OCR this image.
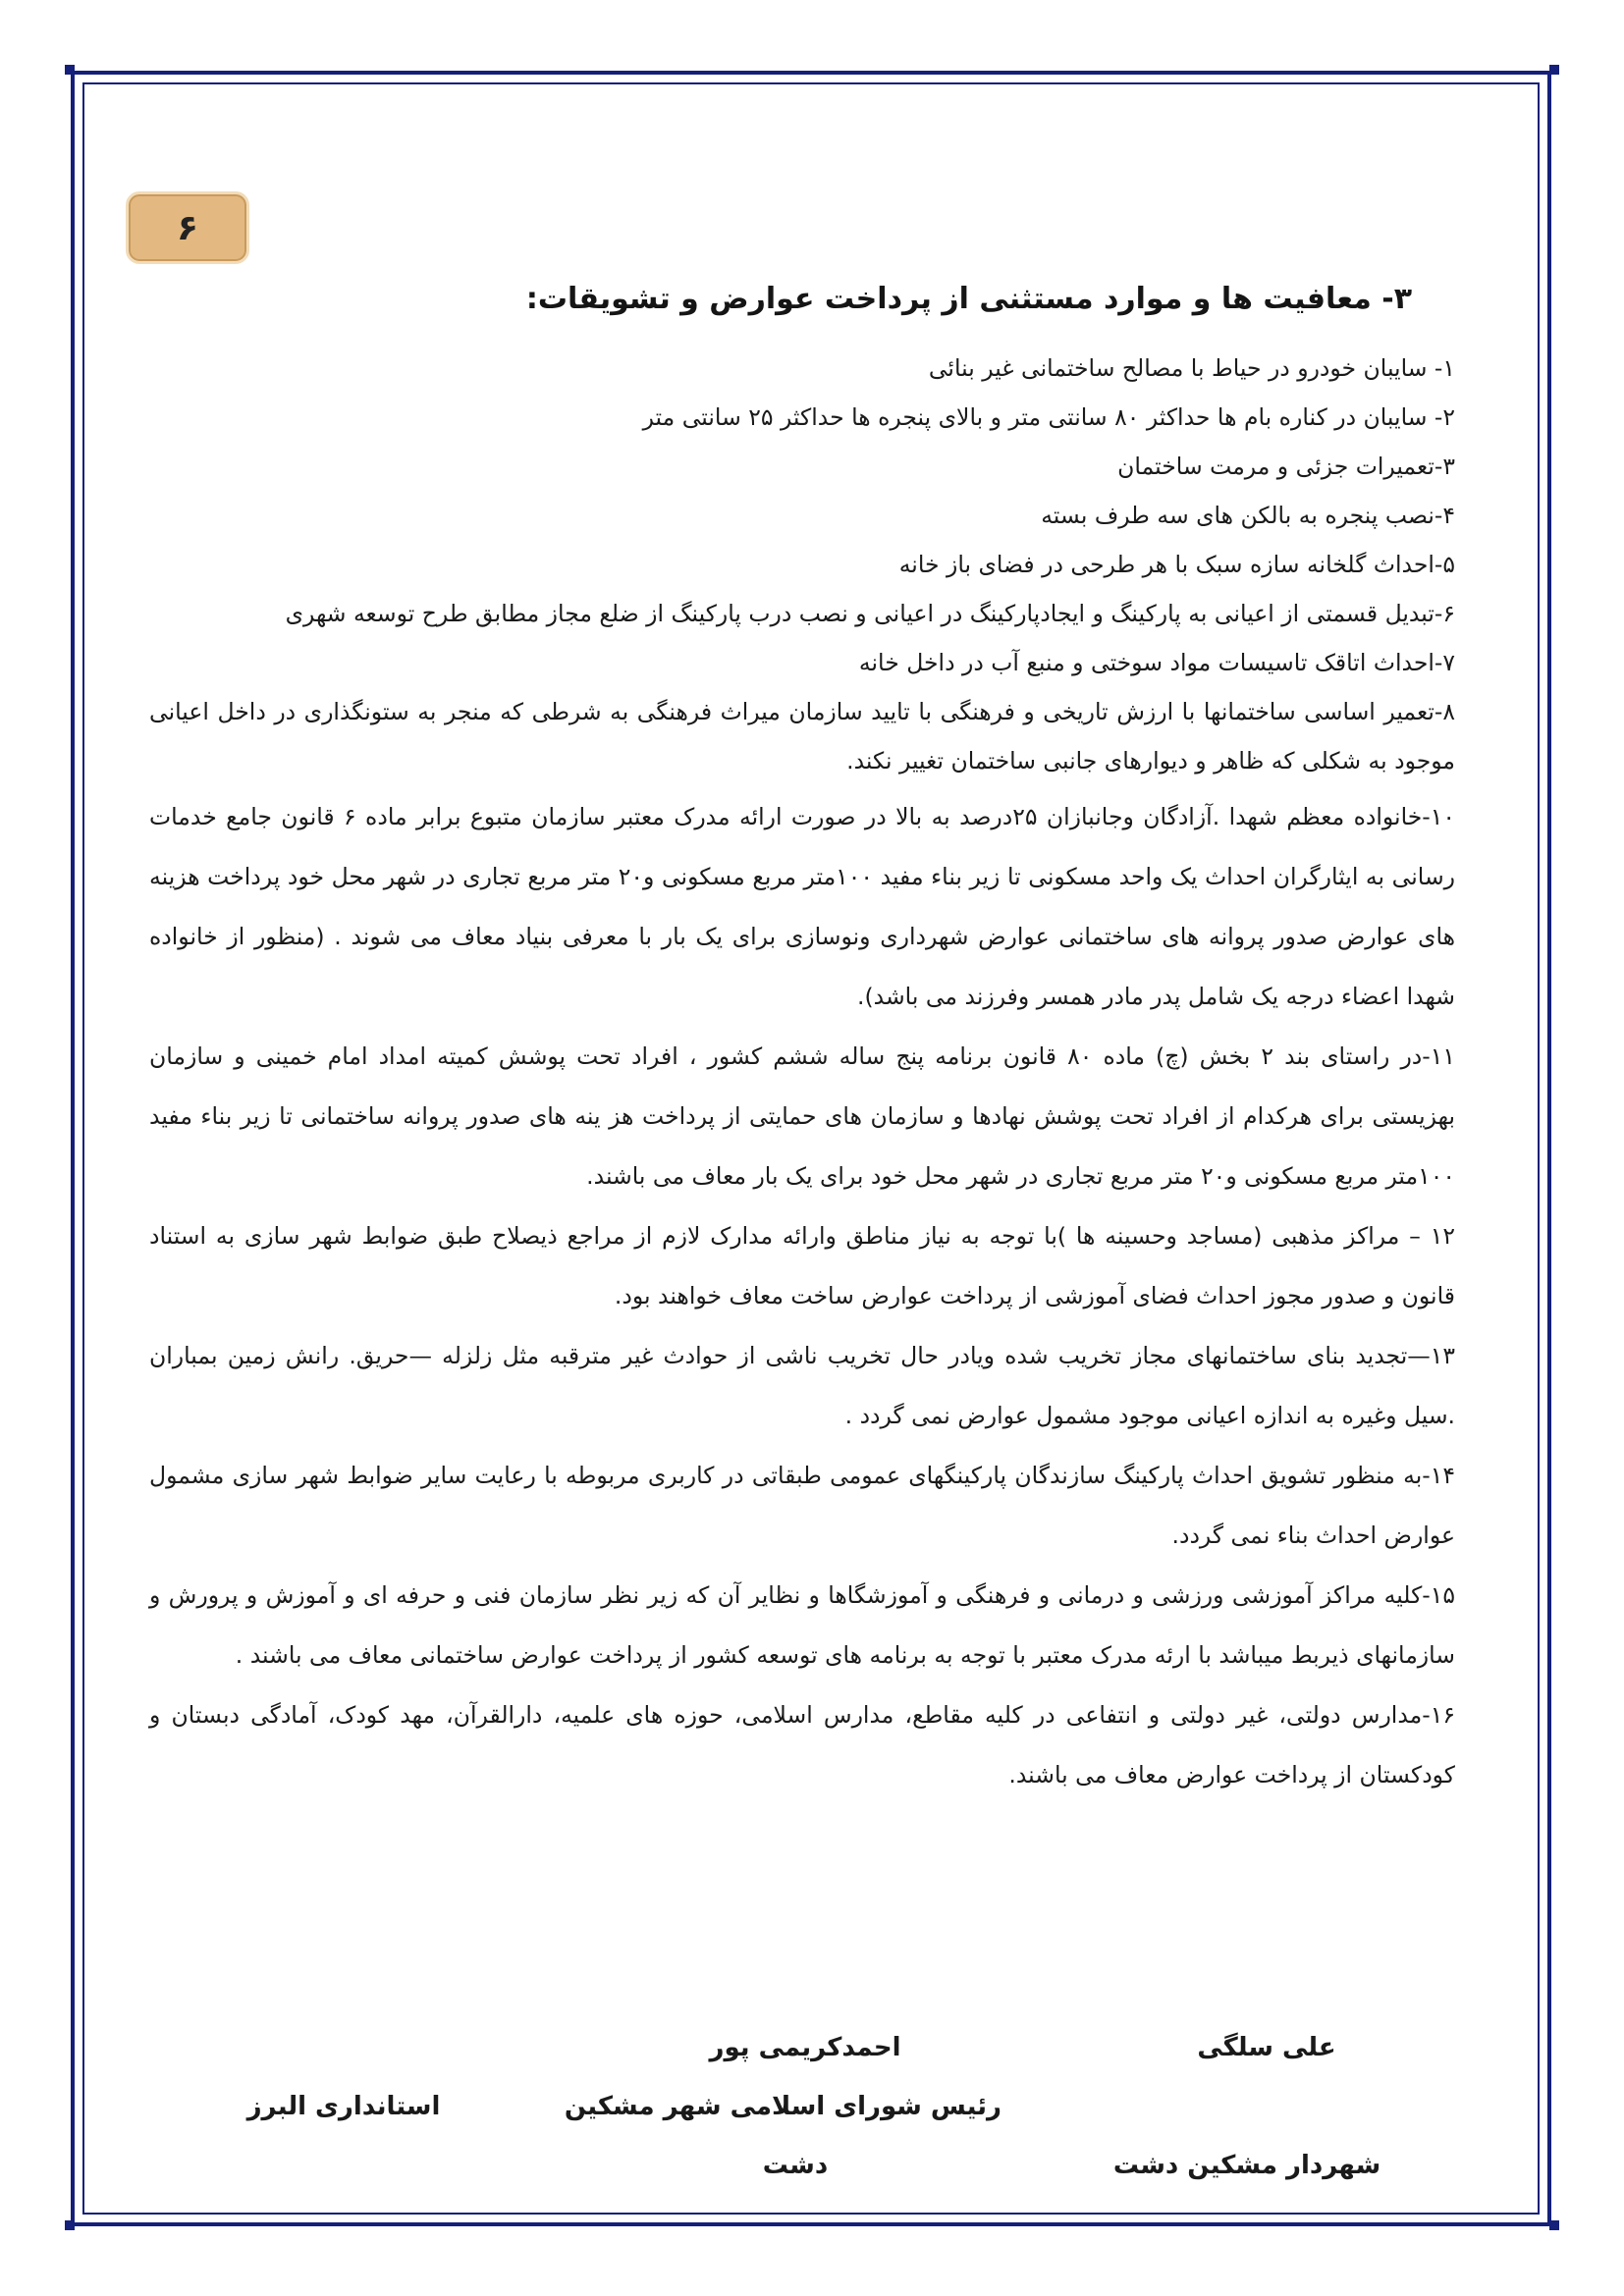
۶
۳- معافیت ها و موارد مستثنی از پرداخت عوارض و تشویقات:

۱- سایبان خودرو در حیاط با مصالح ساختمانی غیر بنائی

۲- سایبان در کناره بام ها حداکثر ۸۰ سانتی متر و بالای پنجره ها حداکثر ۲۵ سانتی متر

۳-تعمیرات جزئی و مرمت ساختمان

۴-نصب پنجره به بالکن های سه طرف بسته

۵-احداث گلخانه سازه سبک با هر طرحی در فضای باز خانه

۶-تبدیل قسمتی از اعیانی به پارکینگ و ایجادپارکینگ در اعیانی و نصب درب پارکینگ از ضلع مجاز مطابق طرح توسعه شهری

۷-احداث اتاقک تاسیسات مواد سوختی و منبع آب در داخل خانه

۸-تعمیر اساسی ساختمانها با ارزش تاریخی و فرهنگی با تایید سازمان میراث فرهنگی به شرطی که منجر به ستونگذاری در داخل اعیانی موجود به شکلی که ظاهر و دیوارهای جانبی ساختمان تغییر نکند.

۱۰-خانواده معظم شهدا .آزادگان وجانبازان ۲۵درصد به بالا در صورت ارائه مدرک معتبر سازمان متبوع برابر ماده ۶ قانون جامع خدمات رسانی به ایثارگران احداث یک واحد مسکونی تا زیر بناء مفید ۱۰۰متر مربع مسکونی و۲۰ متر مربع تجاری در شهر محل خود پرداخت هزینه های عوارض صدور پروانه های ساختمانی عوارض شهرداری ونوسازی برای یک بار با معرفی بنیاد معاف می شوند . (منظور از خانواده شهدا اعضاء درجه یک شامل پدر مادر همسر وفرزند می باشد).

۱۱-در راستای بند ۲ بخش (چ) ماده ۸۰ قانون برنامه پنج ساله ششم کشور ، افراد تحت پوشش کمیته امداد امام خمینی و سازمان بهزیستی برای هرکدام از افراد تحت پوشش نهادها و سازمان های حمایتی از پرداخت هز ینه های صدور پروانه ساختمانی تا زیر بناء مفید ۱۰۰متر مربع مسکونی و۲۰ متر مربع تجاری در شهر محل خود برای یک بار معاف می باشند.

۱۲ – مراکز مذهبی (مساجد وحسینه ها )با توجه به نیاز مناطق وارائه مدارک لازم از مراجع ذیصلاح طبق ضوابط شهر سازی به استناد قانون و صدور مجوز احداث فضای آموزشی از پرداخت عوارض ساخت معاف خواهند بود.

۱۳—تجدید بنای ساختمانهای مجاز تخریب شده ویادر حال تخریب ناشی از حوادث غیر مترقبه مثل زلزله —حریق. رانش زمین بمباران .سیل وغیره به اندازه اعیانی موجود مشمول عوارض نمی گردد .

۱۴-به منظور تشویق احداث پارکینگ سازندگان پارکینگهای عمومی طبقاتی در کاربری مربوطه با رعایت سایر ضوابط شهر سازی مشمول عوارض احداث بناء نمی گردد.

۱۵-کلیه مراکز آموزشی ورزشی و درمانی و فرهنگی و آموزشگاها و نظایر آن که زیر نظر سازمان فنی و حرفه ای و آموزش و پرورش و سازمانهای ذیربط میباشد با ارئه مدرک معتبر با توجه به برنامه های توسعه کشور از پرداخت عوارض ساختمانی معاف می باشند .

۱۶-مدارس دولتی، غیر دولتی و انتفاعی در کلیه مقاطع، مدارس اسلامی، حوزه های علمیه، دارالقرآن، مهد کودک، آمادگی دبستان و کودکستان از پرداخت عوارض معاف می باشند.

علی سلگی
شهردار مشکین دشت
احمدکریمی پور
رئیس شورای اسلامی شهر مشکین
دشت
استانداری البرز
